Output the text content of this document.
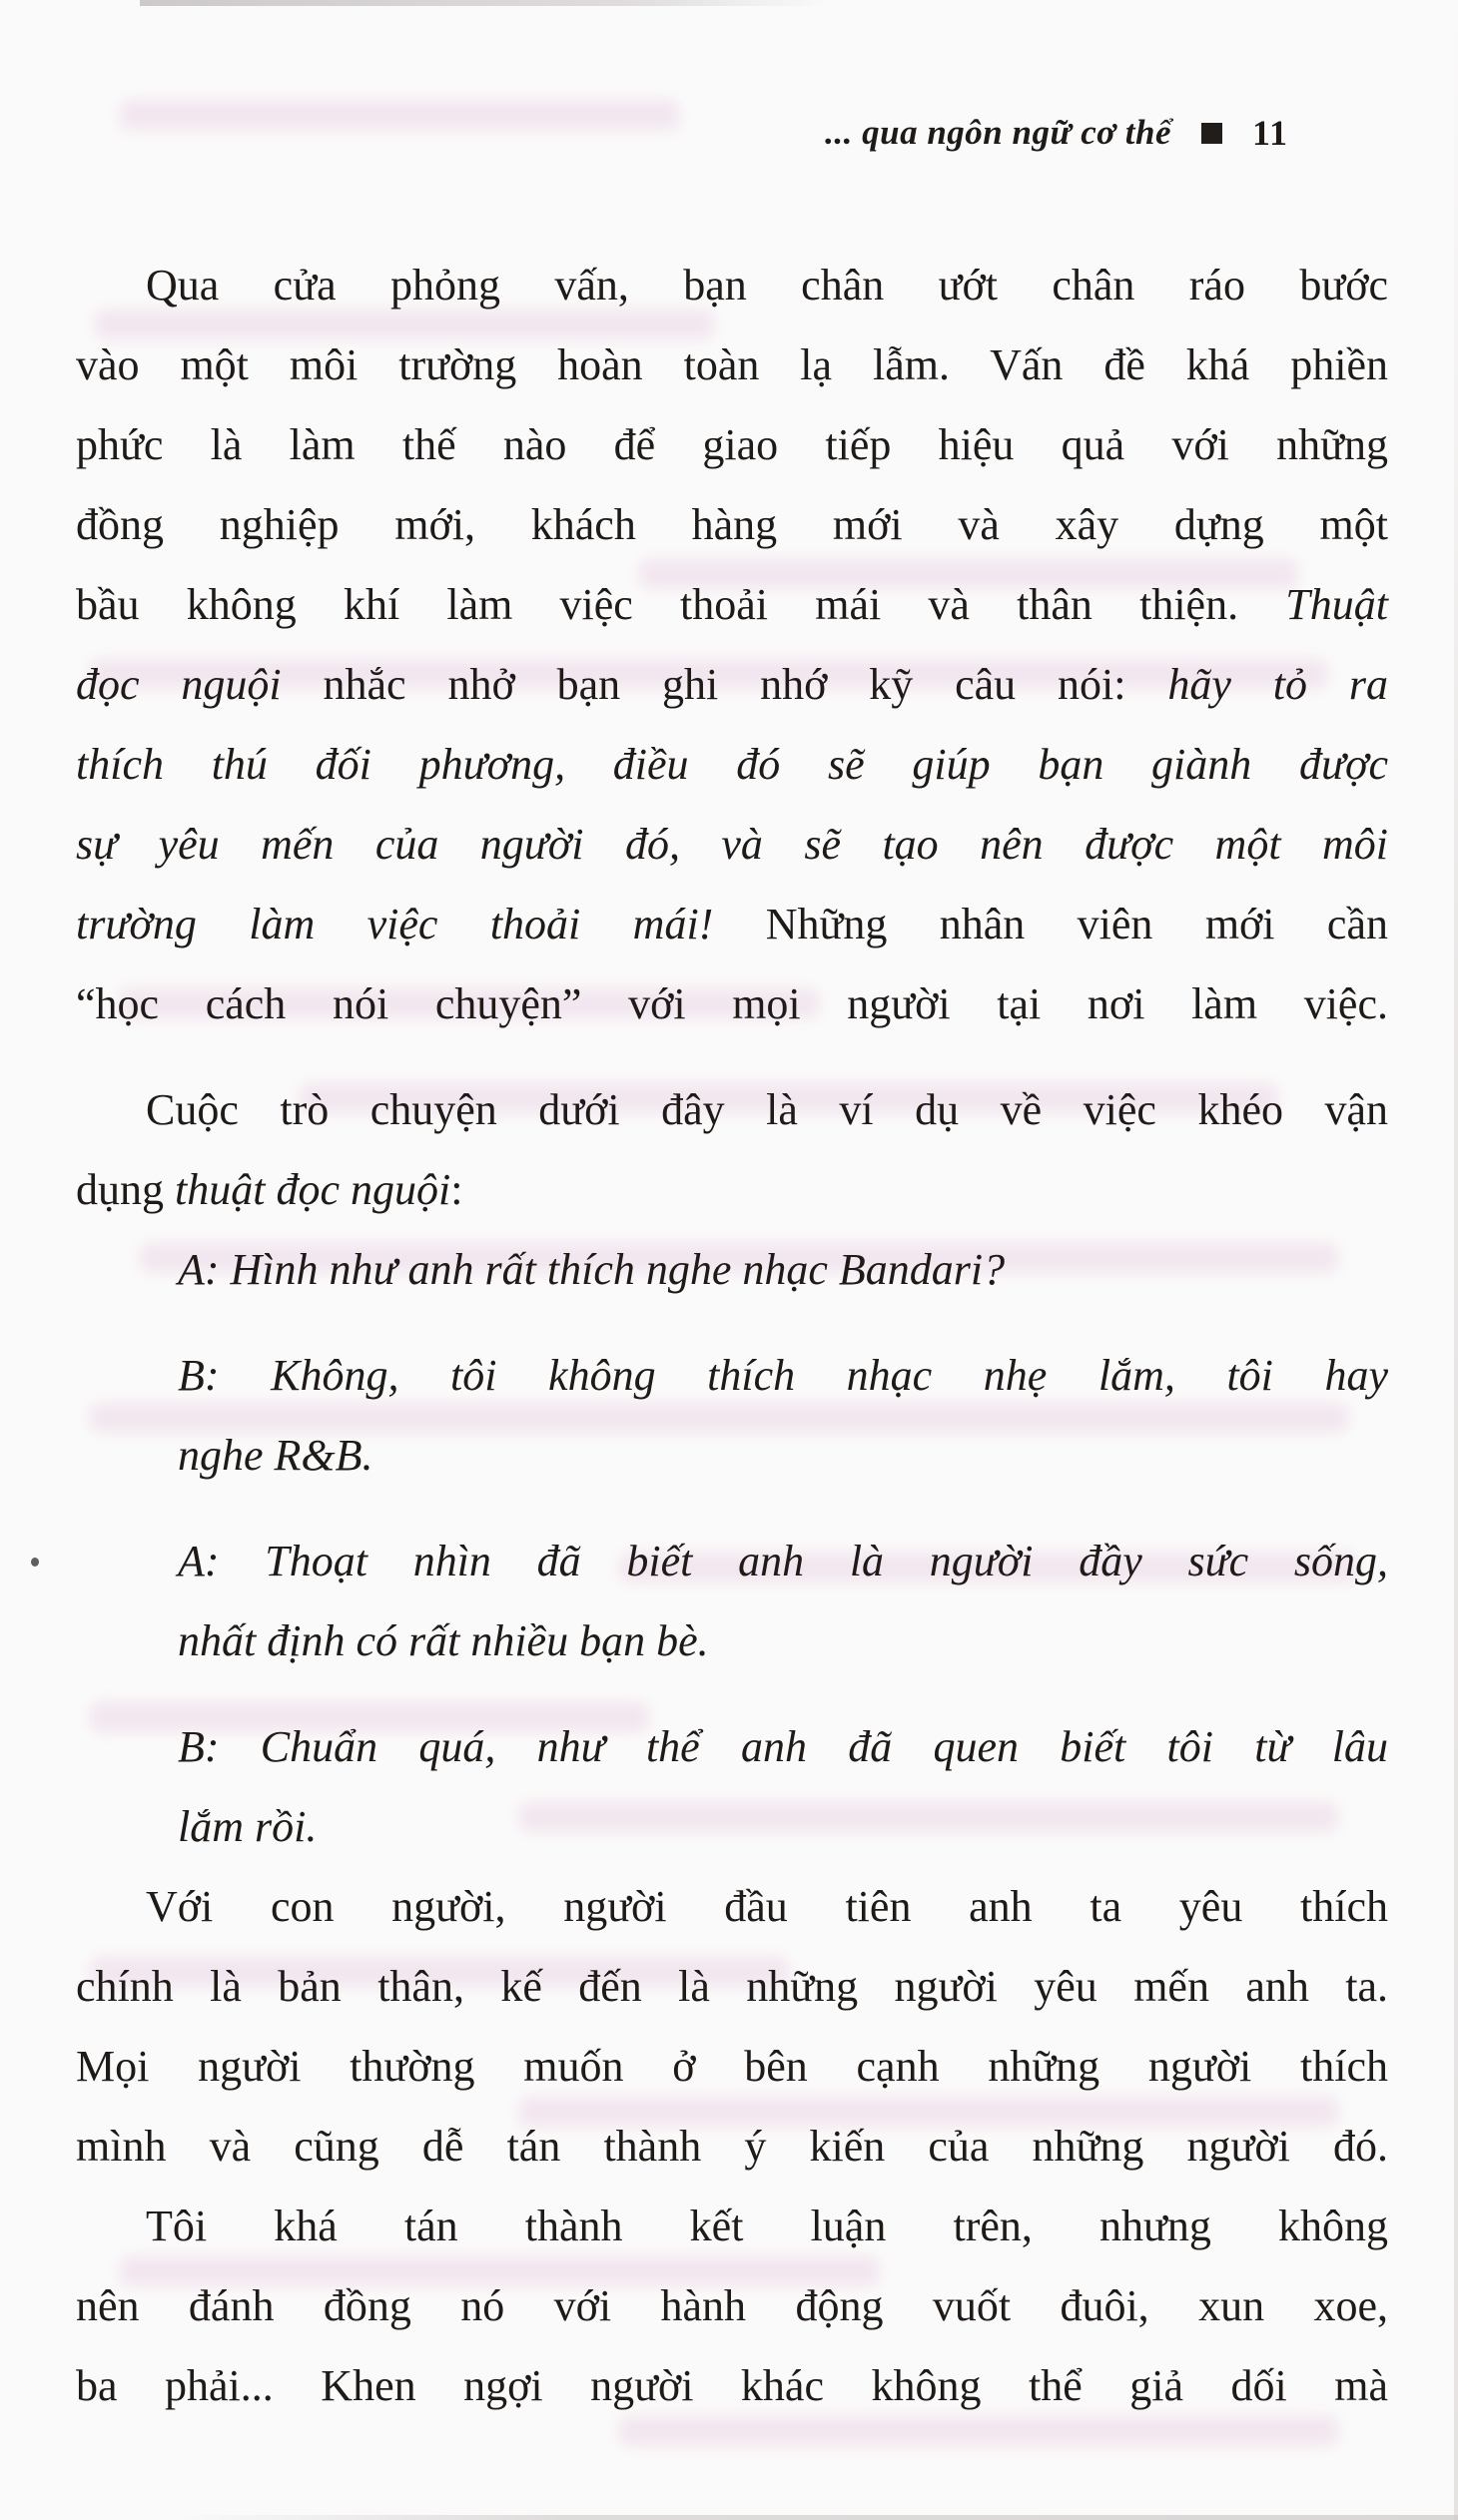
... qua ngôn ngữ cơ thể 11
Qua cửa phỏng vấn, bạn chân ướt chân ráo bước
vào một môi trường hoàn toàn lạ lẫm. Vấn đề khá phiền
phức là làm thế nào để giao tiếp hiệu quả với những
đồng nghiệp mới, khách hàng mới và xây dựng một
bầu không khí làm việc thoải mái và thân thiện. Thuật
đọc nguội nhắc nhở bạn ghi nhớ kỹ câu nói: hãy tỏ ra
thích thú đối phương, điều đó sẽ giúp bạn giành được
sự yêu mến của người đó, và sẽ tạo nên được một môi
trường làm việc thoải mái! Những nhân viên mới cần
“học cách nói chuyện” với mọi người tại nơi làm việc.
Cuộc trò chuyện dưới đây là ví dụ về việc khéo vận
dụng thuật đọc nguội:
A: Hình như anh rất thích nghe nhạc Bandari?
B: Không, tôi không thích nhạc nhẹ lắm, tôi hay
nghe R&B.
A: Thoạt nhìn đã biết anh là người đầy sức sống,
nhất định có rất nhiều bạn bè.
B: Chuẩn quá, như thể anh đã quen biết tôi từ lâu
lắm rồi.
Với con người, người đầu tiên anh ta yêu thích
chính là bản thân, kế đến là những người yêu mến anh ta.
Mọi người thường muốn ở bên cạnh những người thích
mình và cũng dễ tán thành ý kiến của những người đó.
Tôi khá tán thành kết luận trên, nhưng không
nên đánh đồng nó với hành động vuốt đuôi, xun xoe,
ba phải... Khen ngợi người khác không thể giả dối mà
